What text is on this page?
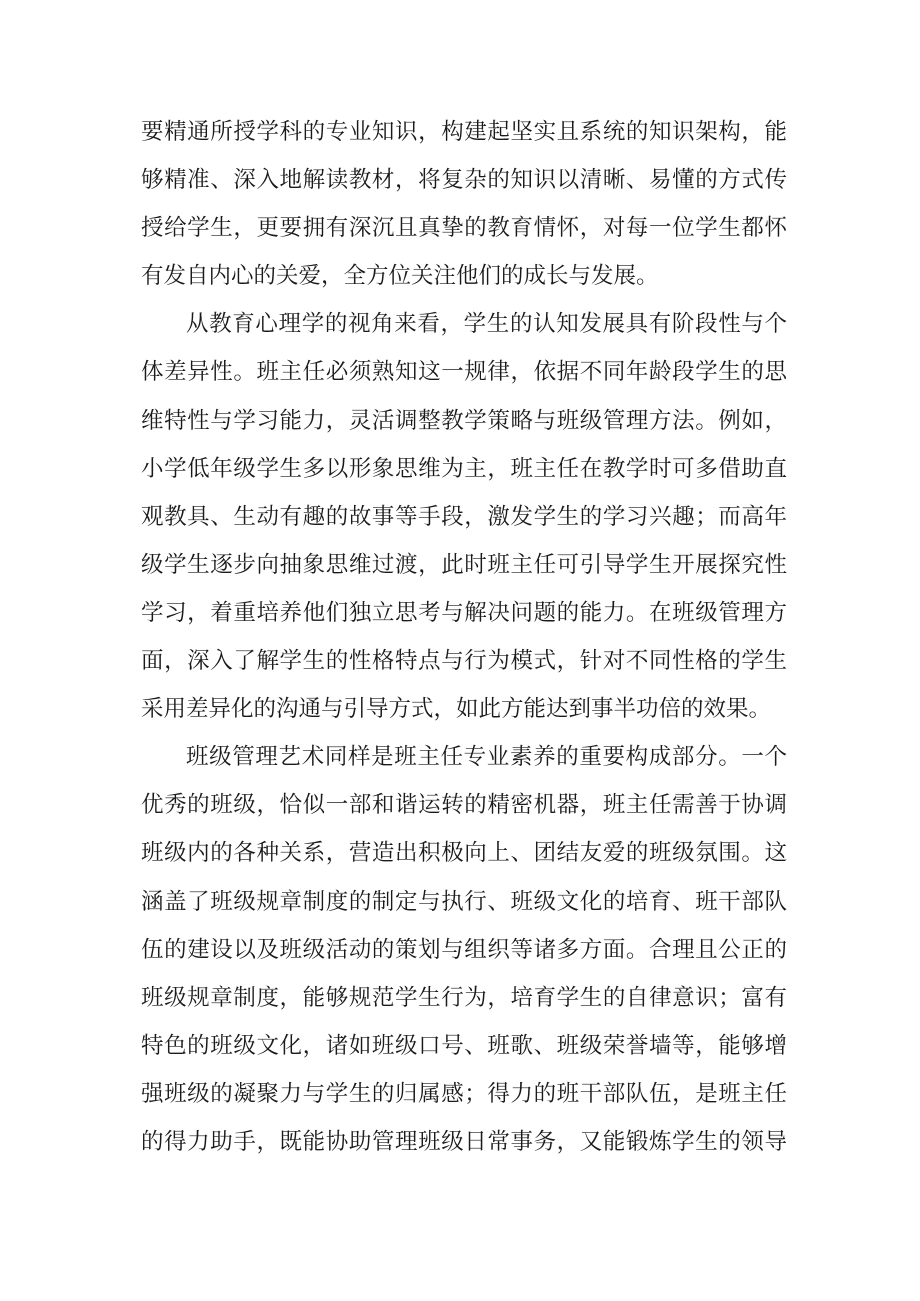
要精通所授学科的专业知识，构建起坚实且系统的知识架构，能
够精准、深入地解读教材，将复杂的知识以清晰、易懂的方式传
授给学生，更要拥有深沉且真挚的教育情怀，对每一位学生都怀
有发自内心的关爱，全方位关注他们的成长与发展。
从教育心理学的视角来看，学生的认知发展具有阶段性与个
体差异性。班主任必须熟知这一规律，依据不同年龄段学生的思
维特性与学习能力，灵活调整教学策略与班级管理方法。例如，
小学低年级学生多以形象思维为主，班主任在教学时可多借助直
观教具、生动有趣的故事等手段，激发学生的学习兴趣；而高年
级学生逐步向抽象思维过渡，此时班主任可引导学生开展探究性
学习，着重培养他们独立思考与解决问题的能力。在班级管理方
面，深入了解学生的性格特点与行为模式，针对不同性格的学生
采用差异化的沟通与引导方式，如此方能达到事半功倍的效果。
班级管理艺术同样是班主任专业素养的重要构成部分。一个
优秀的班级，恰似一部和谐运转的精密机器，班主任需善于协调
班级内的各种关系，营造出积极向上、团结友爱的班级氛围。这
涵盖了班级规章制度的制定与执行、班级文化的培育、班干部队
伍的建设以及班级活动的策划与组织等诸多方面。合理且公正的
班级规章制度，能够规范学生行为，培育学生的自律意识；富有
特色的班级文化，诸如班级口号、班歌、班级荣誉墙等，能够增
强班级的凝聚力与学生的归属感；得力的班干部队伍，是班主任
的得力助手，既能协助管理班级日常事务，又能锻炼学生的领导
